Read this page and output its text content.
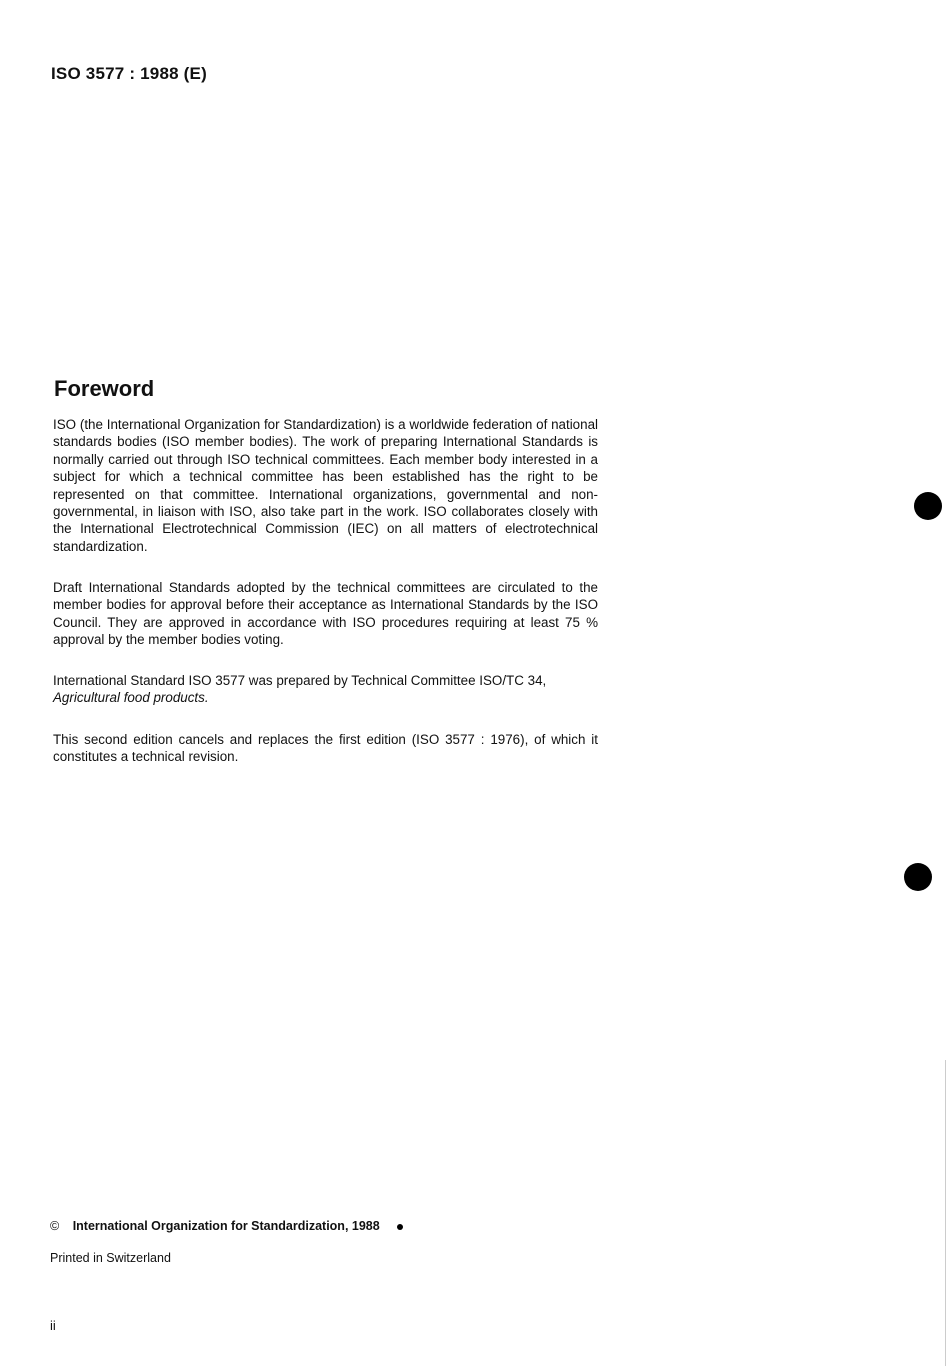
ISO 3577 : 1988 (E)
Foreword

ISO (the International Organization for Standardization) is a worldwide federation of national standards bodies (ISO member bodies). The work of preparing International Standards is normally carried out through ISO technical committees. Each member body interested in a subject for which a technical committee has been established has the right to be represented on that committee. International organizations, governmental and non-governmental, in liaison with ISO, also take part in the work. ISO collaborates closely with the International Electrotechnical Commission (IEC) on all matters of electrotechnical standardization.

Draft International Standards adopted by the technical committees are circulated to the member bodies for approval before their acceptance as International Standards by the ISO Council. They are approved in accordance with ISO procedures requiring at least 75 % approval by the member bodies voting.

International Standard ISO 3577 was prepared by Technical Committee ISO/TC 34,
Agricultural food products.

This second edition cancels and replaces the first edition (ISO 3577 : 1976), of which it constitutes a technical revision.

© International Organization for Standardization, 1988
Printed in Switzerland
ii
